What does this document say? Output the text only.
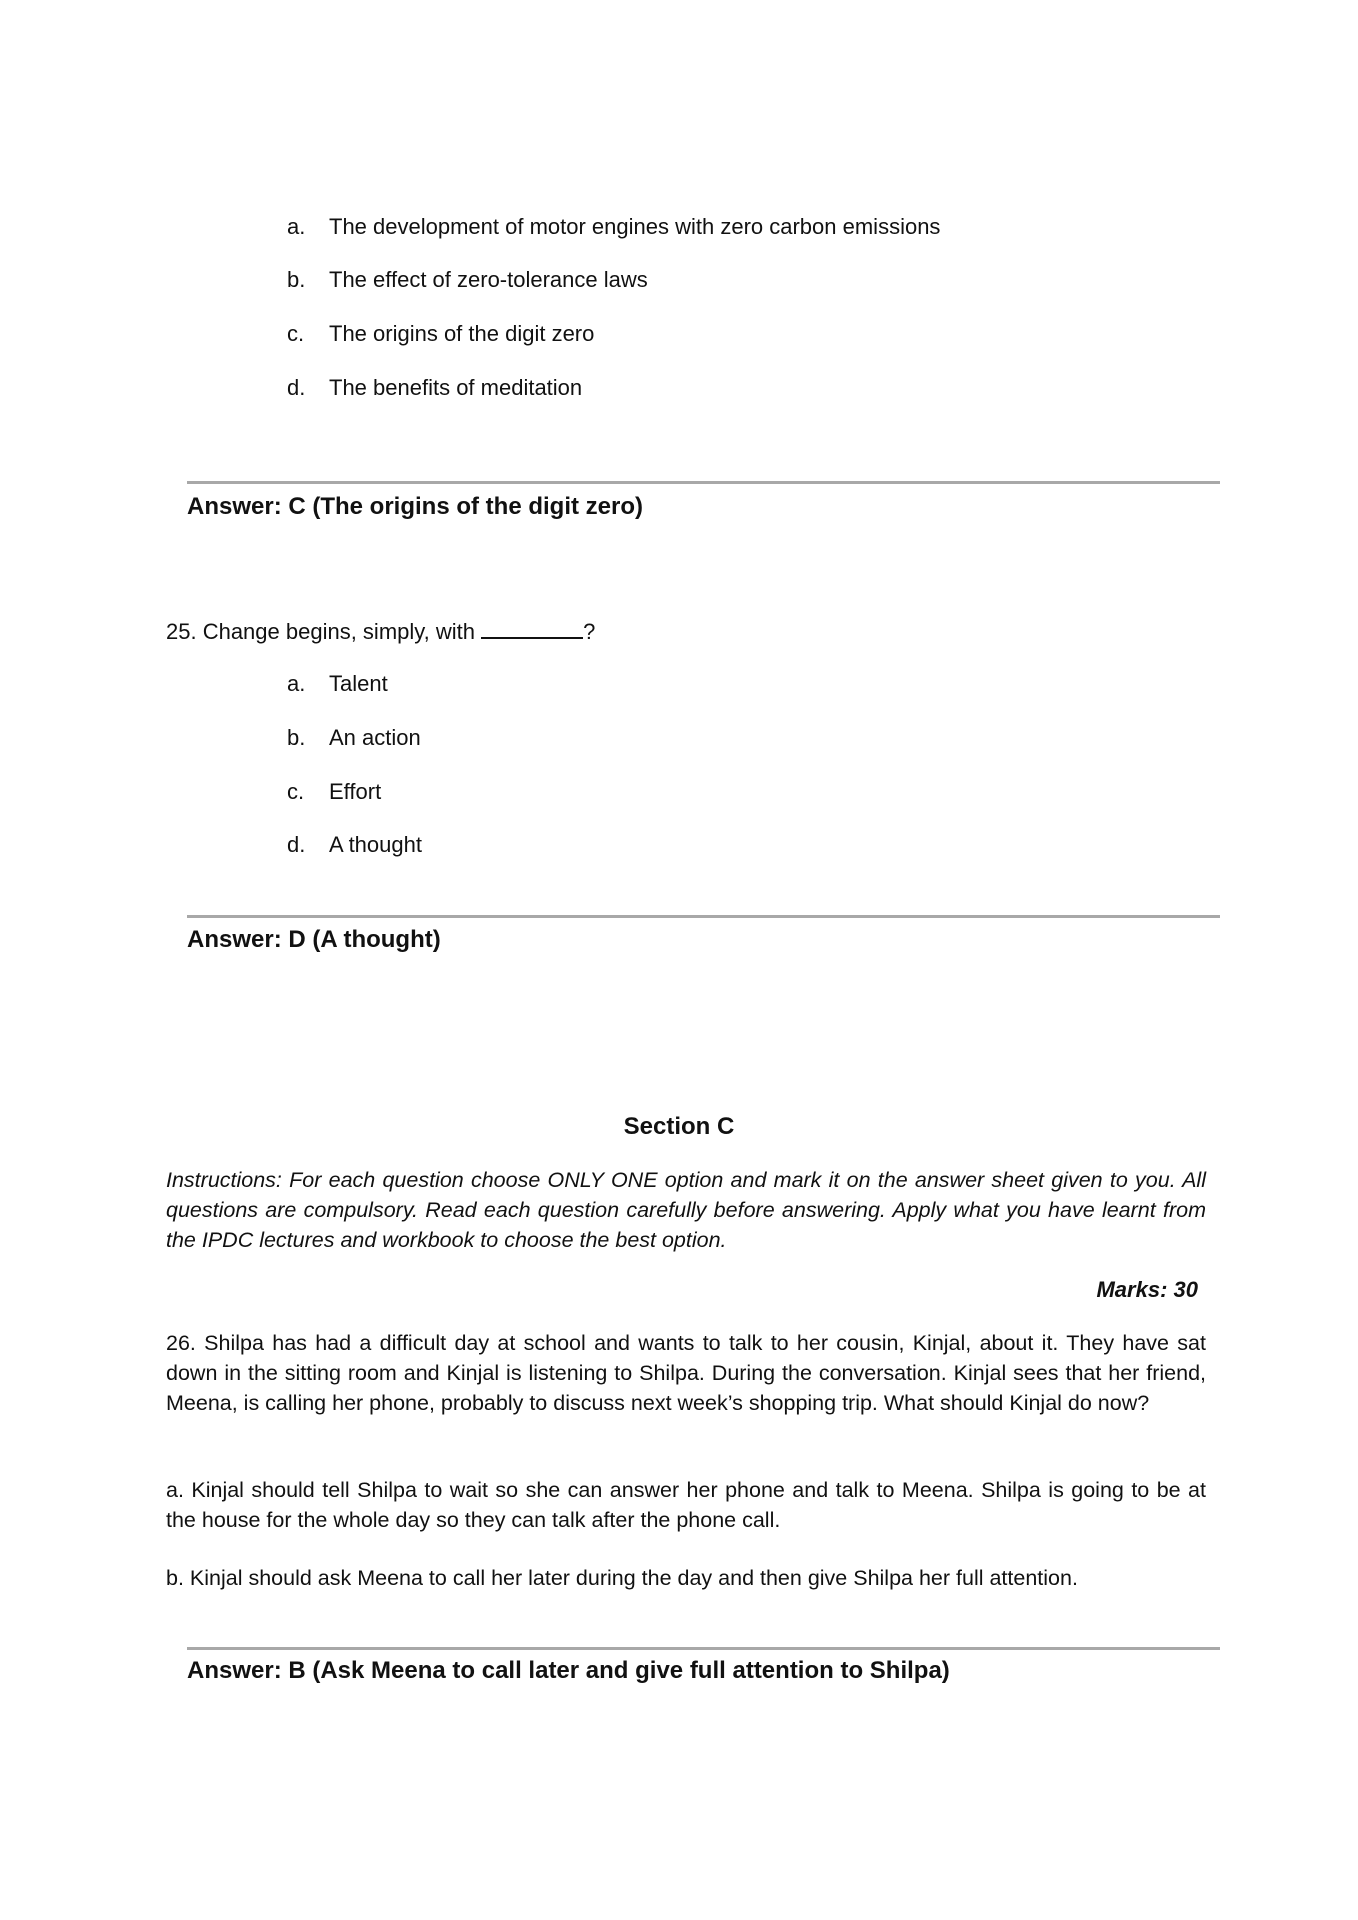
a.	The development of motor engines with zero carbon emissions
b.	The effect of zero-tolerance laws
c.	The origins of the digit zero
d.	The benefits of meditation
Answer: C (The origins of the digit zero)
25. Change begins, simply, with	?
a.	Talent
b.	An action
c.	Effort
d.	A thought
Answer: D (A thought)
Section C
Instructions: For each question choose ONLY ONE option and mark it on the answer sheet given to you. All questions are compulsory. Read each question carefully before answering. Apply what you have learnt from the IPDC lectures and workbook to choose the best option.
Marks: 30
26. Shilpa has had a difficult day at school and wants to talk to her cousin, Kinjal, about it. They have sat down in the sitting room and Kinjal is listening to Shilpa. During the conversation. Kinjal sees that her friend, Meena, is calling her phone, probably to discuss next week’s shopping trip. What should Kinjal do now?
a. Kinjal should tell Shilpa to wait so she can answer her phone and talk to Meena. Shilpa is going to be at the house for the whole day so they can talk after the phone call.
b. Kinjal should ask Meena to call her later during the day and then give Shilpa her full attention.
Answer: B (Ask Meena to call later and give full attention to Shilpa)
